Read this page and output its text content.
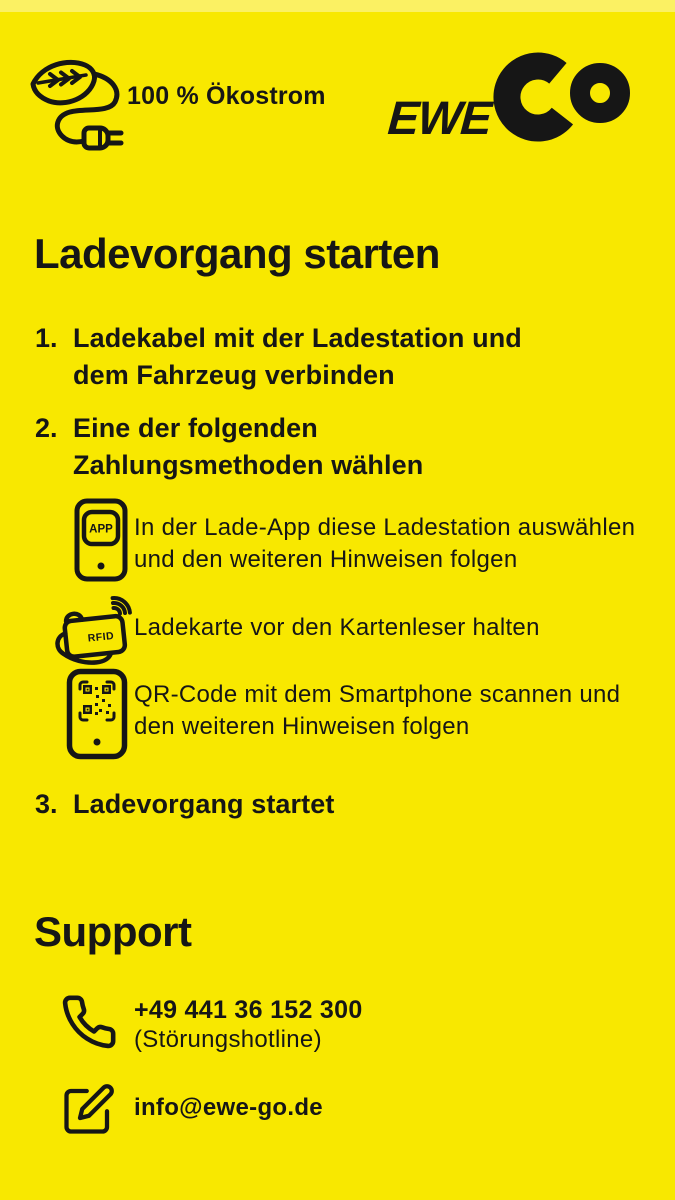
100 % Ökostrom EWE
Ladevorgang starten
1. Ladekabel mit der Ladestation und
dem Fahrzeug verbinden
2. Eine der folgenden
Zahlungsmethoden wählen
APP In der Lade-App diese Ladestation auswählen
und den weiteren Hinweisen folgen
RFID Ladekarte vor den Kartenleser halten
QR-Code mit dem Smartphone scannen und
den weiteren Hinweisen folgen
3. Ladevorgang startet
Support
+49 441 36 152 300
(Störungshotline)
info@ewe-go.de
